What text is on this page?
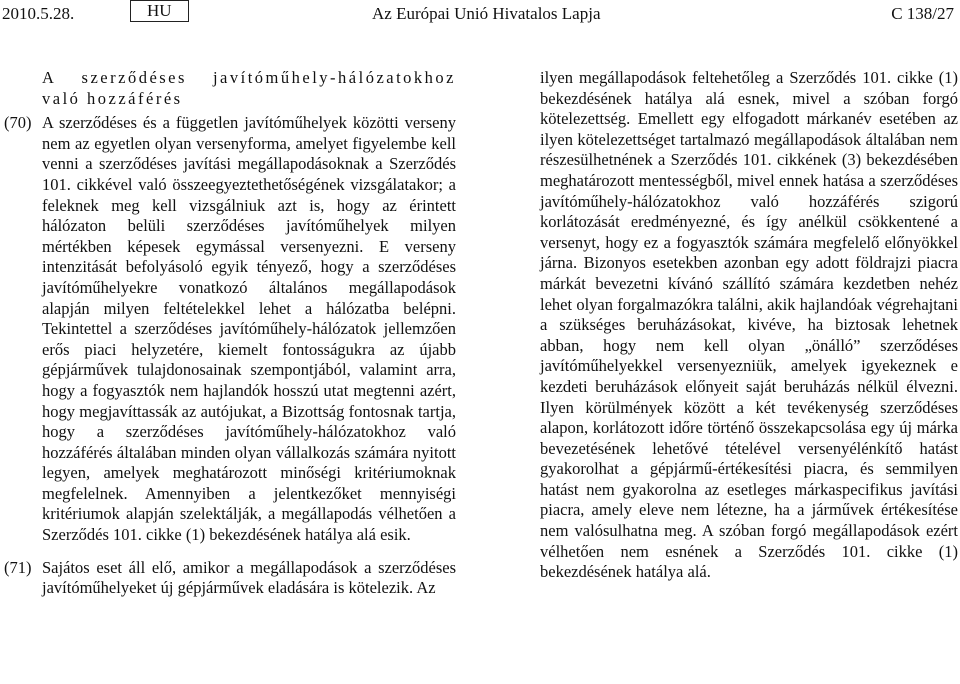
2010.5.28.	HU	Az Európai Unió Hivatalos Lapja	C 138/27

A szerződéses javítóműhely-hálózatokhoz való hozzáférés

(70) A szerződéses és a független javítóműhelyek közötti verseny nem az egyetlen olyan versenyforma, amelyet figyelembe kell venni a szerződéses javítási megállapodásoknak a Szerződés 101. cikkével való összeegyeztethetőségének vizsgálatakor; a feleknek meg kell vizsgálniuk azt is, hogy az érintett hálózaton belüli szerződéses javítóműhelyek milyen mértékben képesek egymással versenyezni. E verseny intenzitását befolyásoló egyik tényező, hogy a szerződéses javítóműhelyekre vonatkozó általános megállapodások alapján milyen feltételekkel lehet a hálózatba belépni. Tekintettel a szerződéses javítóműhely-hálózatok jellemzően erős piaci helyzetére, kiemelt fontosságukra az újabb gépjárművek tulajdonosainak szempontjából, valamint arra, hogy a fogyasztók nem hajlandók hosszú utat megtenni azért, hogy megjavíttassák az autójukat, a Bizottság fontosnak tartja, hogy a szerződéses javítóműhely-hálózatokhoz való hozzáférés általában minden olyan vállalkozás számára nyitott legyen, amelyek meghatározott minőségi kritériumoknak megfelelnek. Amennyiben a jelentkezőket mennyiségi kritériumok alapján szelektálják, a megállapodás vélhetően a Szerződés 101. cikke (1) bekezdésének hatálya alá esik.

(71) Sajátos eset áll elő, amikor a megállapodások a szerződéses javítóműhelyeket új gépjárművek eladására is kötelezik. Az

ilyen megállapodások feltehetőleg a Szerződés 101. cikke (1) bekezdésének hatálya alá esnek, mivel a szóban forgó kötelezettség. Emellett egy elfogadott márkanév esetében az ilyen kötelezettséget tartalmazó megállapodások általában nem részesülhetnének a Szerződés 101. cikkének (3) bekezdésében meghatározott mentességből, mivel ennek hatása a szerződéses javítóműhely-hálózatokhoz való hozzáférés szigorú korlátozását eredményezné, és így anélkül csökkentené a versenyt, hogy ez a fogyasztók számára megfelelő előnyökkel járna. Bizonyos esetekben azonban egy adott földrajzi piacra márkát bevezetni kívánó szállító számára kezdetben nehéz lehet olyan forgalmazókra találni, akik hajlandóak végrehajtani a szükséges beruházásokat, kivéve, ha biztosak lehetnek abban, hogy nem kell olyan „önálló” szerződéses javítóműhelyekkel versenyezniük, amelyek igyekeznek e kezdeti beruházások előnyeit saját beruházás nélkül élvezni. Ilyen körülmények között a két tevékenység szerződéses alapon, korlátozott időre történő összekapcsolása egy új márka bevezetésének lehetővé tételével versenyélénkítő hatást gyakorolhat a gépjármű-értékesítési piacra, és semmilyen hatást nem gyakorolna az esetleges márkaspecifikus javítási piacra, amely eleve nem létezne, ha a járművek értékesítése nem valósulhatna meg. A szóban forgó megállapodások ezért vélhetően nem esnének a Szerződés 101. cikke (1) bekezdésének hatálya alá.
